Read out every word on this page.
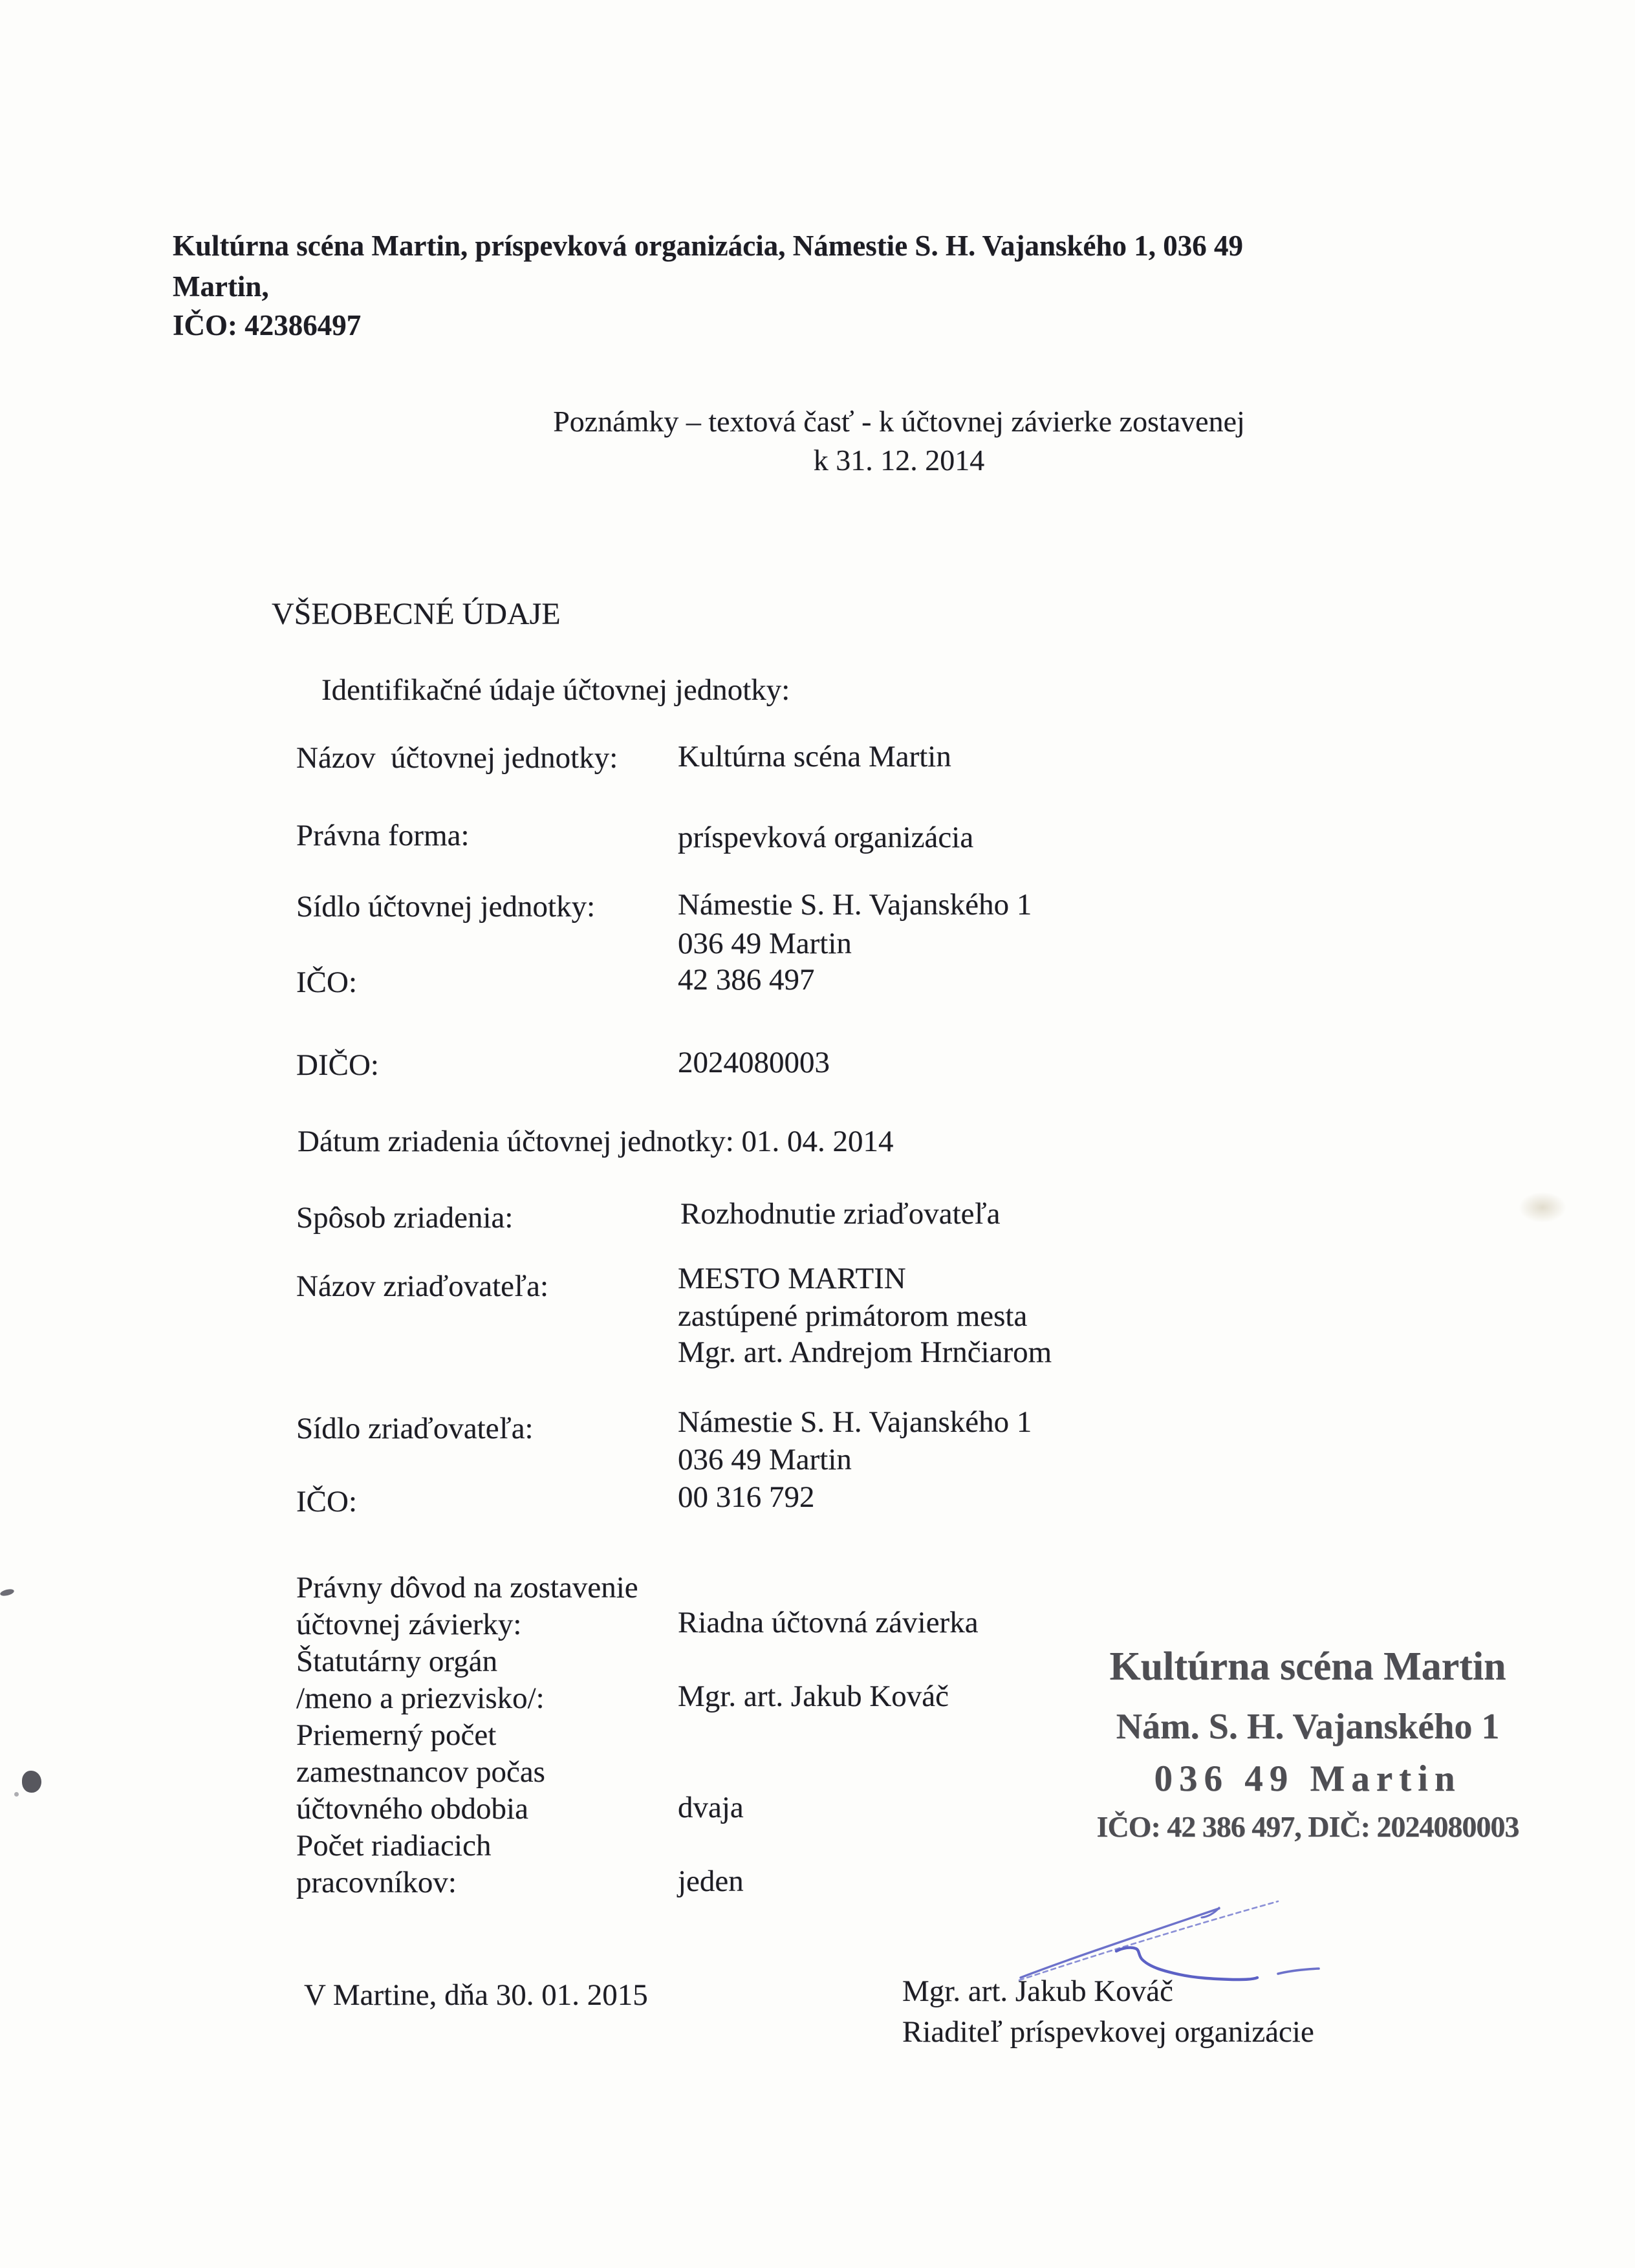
Kultúrna scéna Martin, príspevková organizácia, Námestie S. H. Vajanského 1, 036 49
Martin,
IČO: 42386497
Poznámky – textová časť - k účtovnej závierke zostavenej
k 31. 12. 2014
VŠEOBECNÉ ÚDAJE
Identifikačné údaje účtovnej jednotky:
Názov  účtovnej jednotky: Kultúrna scéna Martin
Právna forma:	príspevková organizácia
Sídlo účtovnej jednotky:	Námestie S. H. Vajanského 1
036 49 Martin
IČO:	42 386 497
DIČO:	2024080003
Dátum zriadenia účtovnej jednotky: 01. 04. 2014
Spôsob zriadenia:	Rozhodnutie zriaďovateľa
Názov zriaďovateľa:	MESTO MARTIN
zastúpené primátorom mesta
Mgr. art. Andrejom Hrnčiarom
Sídlo zriaďovateľa:	Námestie S. H. Vajanského 1
036 49 Martin
IČO:	00 316 792
Právny dôvod na zostavenie
účtovnej závierky:	Riadna účtovná závierka
Štatutárny orgán
/meno a priezvisko/:	Mgr. art. Jakub Kováč
Priemerný počet
zamestnancov počas
účtovného obdobia	dvaja
Počet riadiacich
pracovníkov:	jeden
Kultúrna scéna Martin
Nám. S. H. Vajanského 1
036 49 Martin
IČO: 42 386 497, DIČ: 2024080003
V Martine, dňa 30. 01. 2015	Mgr. art. Jakub Kováč
Riaditeľ príspevkovej organizácie
